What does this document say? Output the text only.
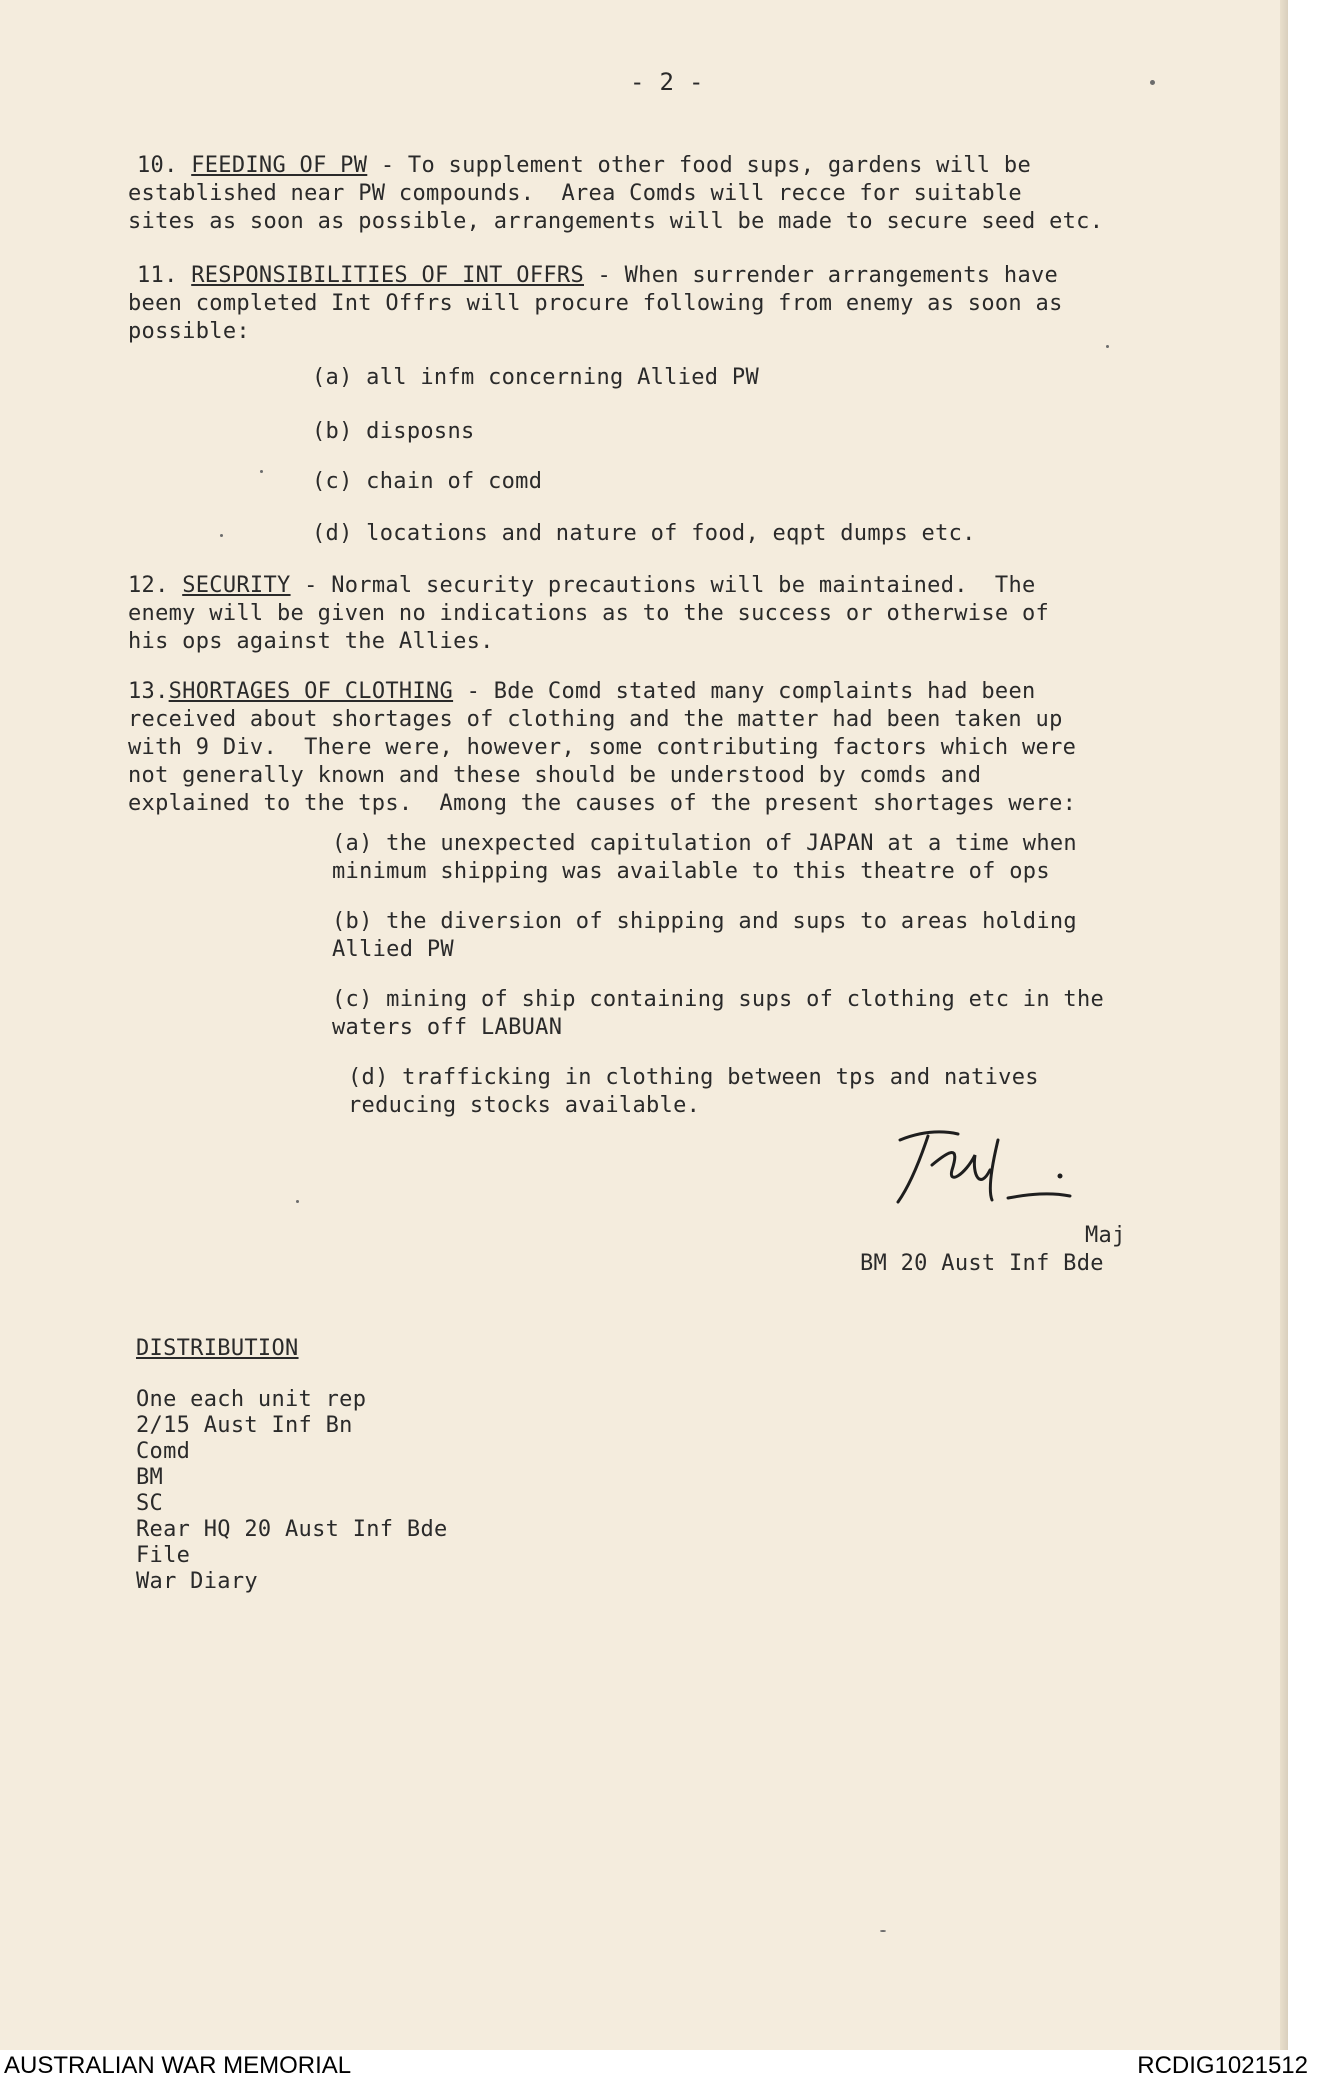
- 2 -
10. FEEDING OF PW - To supplement other food sups, gardens will be
established near PW compounds.  Area Comds will recce for suitable
sites as soon as possible, arrangements will be made to secure seed etc.
11. RESPONSIBILITIES OF INT OFFRS - When surrender arrangements have
been completed Int Offrs will procure following from enemy as soon as
possible:
(a) all infm concerning Allied PW
(b) disposns
(c) chain of comd
(d) locations and nature of food, eqpt dumps etc.
12. SECURITY - Normal security precautions will be maintained.  The
enemy will be given no indications as to the success or otherwise of
his ops against the Allies.
13.SHORTAGES OF CLOTHING - Bde Comd stated many complaints had been
received about shortages of clothing and the matter had been taken up
with 9 Div.  There were, however, some contributing factors which were
not generally known and these should be understood by comds and
explained to the tps.  Among the causes of the present shortages were:
(a) the unexpected capitulation of JAPAN at a time when
minimum shipping was available to this theatre of ops
(b) the diversion of shipping and sups to areas holding
Allied PW
(c) mining of ship containing sups of clothing etc in the
waters off LABUAN
(d) trafficking in clothing between tps and natives
reducing stocks available.
Maj
BM 20 Aust Inf Bde
DISTRIBUTION
One each unit rep
2/15 Aust Inf Bn
Comd
BM
SC
Rear HQ 20 Aust Inf Bde
File
War Diary
AUSTRALIAN WAR MEMORIAL	RCDIG1021512
